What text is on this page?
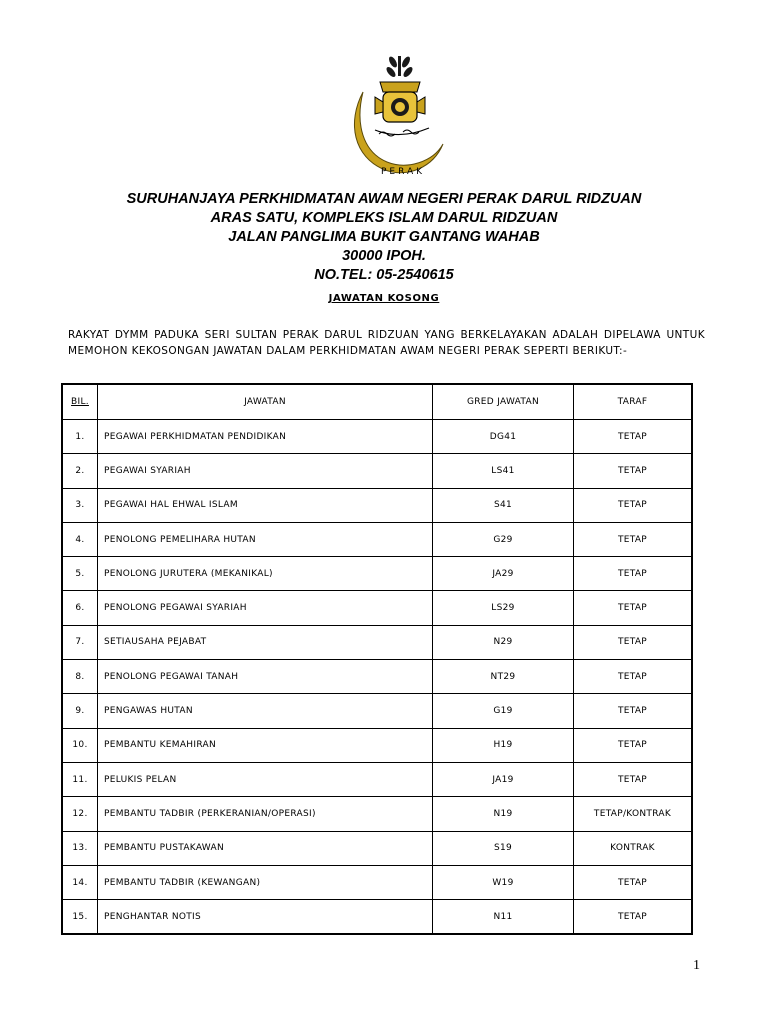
PERAK
SURUHANJAYA PERKHIDMATAN AWAM NEGERI PERAK DARUL RIDZUAN
ARAS SATU, KOMPLEKS ISLAM DARUL RIDZUAN
JALAN PANGLIMA BUKIT GANTANG WAHAB
30000 IPOH.
NO.TEL: 05-2540615
JAWATAN KOSONG
RAKYAT DYMM PADUKA SERI SULTAN PERAK DARUL RIDZUAN YANG BERKELAYAKAN ADALAH DIPELAWA UNTUK MEMOHON KEKOSONGAN JAWATAN DALAM PERKHIDMATAN AWAM NEGERI PERAK SEPERTI BERIKUT:-
BIL.	JAWATAN	GRED JAWATAN	TARAF
1.	PEGAWAI PERKHIDMATAN PENDIDIKAN	DG41	TETAP
2.	PEGAWAI SYARIAH	LS41	TETAP
3.	PEGAWAI HAL EHWAL ISLAM	S41	TETAP
4.	PENOLONG PEMELIHARA HUTAN	G29	TETAP
5.	PENOLONG JURUTERA (MEKANIKAL)	JA29	TETAP
6.	PENOLONG PEGAWAI SYARIAH	LS29	TETAP
7.	SETIAUSAHA PEJABAT	N29	TETAP
8.	PENOLONG PEGAWAI TANAH	NT29	TETAP
9.	PENGAWAS HUTAN	G19	TETAP
10.	PEMBANTU KEMAHIRAN	H19	TETAP
11.	PELUKIS PELAN	JA19	TETAP
12.	PEMBANTU TADBIR (PERKERANIAN/OPERASI)	N19	TETAP/KONTRAK
13.	PEMBANTU PUSTAKAWAN	S19	KONTRAK
14.	PEMBANTU TADBIR (KEWANGAN)	W19	TETAP
15.	PENGHANTAR NOTIS	N11	TETAP
1
